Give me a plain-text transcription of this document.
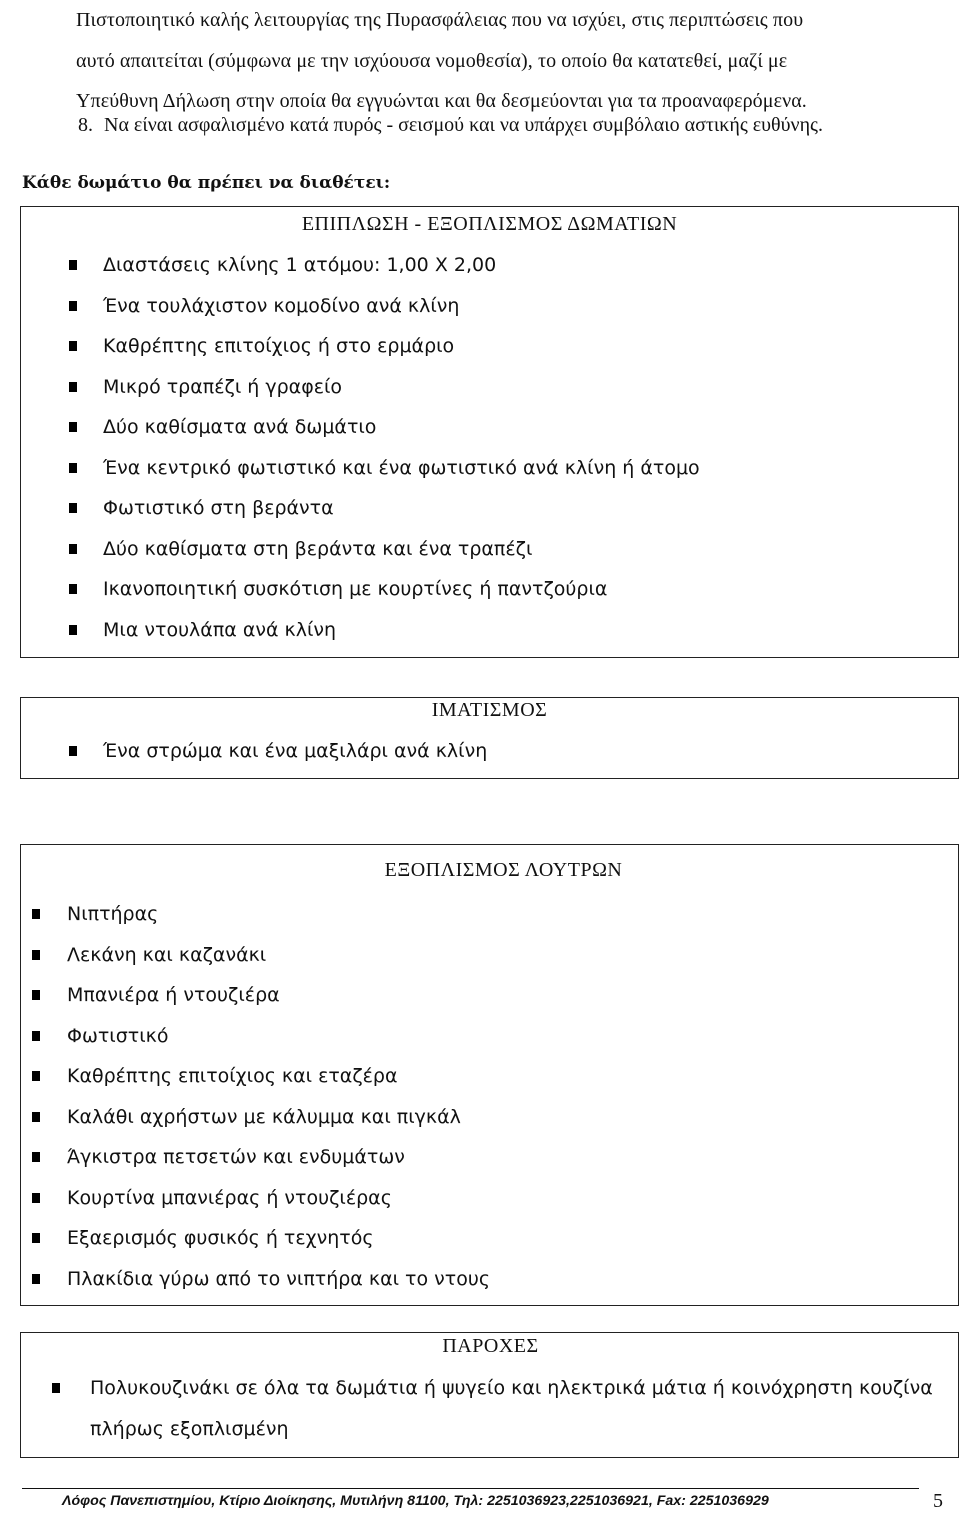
Πιστοποιητικό καλής λειτουργίας της Πυρασφάλειας που να ισχύει, στις περιπτώσεις που

αυτό απαιτείται (σύμφωνα με την ισχύουσα νομοθεσία), το οποίο θα κατατεθεί, μαζί με

Υπεύθυνη Δήλωση στην οποία θα εγγυώνται και θα δεσμεύονται για τα προαναφερόμενα.

8. Να είναι ασφαλισμένο κατά πυρός - σεισμού και να υπάρχει συμβόλαιο αστικής ευθύνης.
Κάθε δωμάτιο θα πρέπει να διαθέτει:
ΕΠΙΠΛΩΣΗ - ΕΞΟΠΛΙΣΜΟΣ ΔΩΜΑΤΙΩΝ
Διαστάσεις κλίνης 1 ατόμου: 1,00 Χ 2,00
Ένα τουλάχιστον κομοδίνο ανά κλίνη
Καθρέπτης επιτοίχιος ή στο ερμάριο
Μικρό τραπέζι ή γραφείο
Δύο καθίσματα ανά δωμάτιο
Ένα κεντρικό φωτιστικό και ένα φωτιστικό ανά κλίνη ή άτομο
Φωτιστικό στη βεράντα
Δύο καθίσματα στη βεράντα και ένα τραπέζι
Ικανοποιητική συσκότιση με κουρτίνες ή παντζούρια
Μια ντουλάπα ανά κλίνη
ΙΜΑΤΙΣΜΟΣ
Ένα στρώμα και ένα μαξιλάρι ανά κλίνη
ΕΞΟΠΛΙΣΜΟΣ ΛΟΥΤΡΩΝ
Νιπτήρας
Λεκάνη και καζανάκι
Μπανιέρα ή ντουζιέρα
Φωτιστικό
Καθρέπτης επιτοίχιος και εταζέρα
Καλάθι αχρήστων με κάλυμμα και πιγκάλ
Άγκιστρα πετσετών και ενδυμάτων
Κουρτίνα μπανιέρας ή ντουζιέρας
Εξαερισμός φυσικός ή τεχνητός
Πλακίδια γύρω από το νιπτήρα και το ντους
ΠΑΡΟΧΕΣ
Πολυκουζινάκι σε όλα τα δωμάτια ή ψυγείο και ηλεκτρικά μάτια ή κοινόχρηστη κουζίνα
πλήρως εξοπλισμένη
Λόφος Πανεπιστημίου, Κτίριο Διοίκησης, Μυτιλήνη 81100, Τηλ: 2251036923,2251036921, Fax: 2251036929	5
